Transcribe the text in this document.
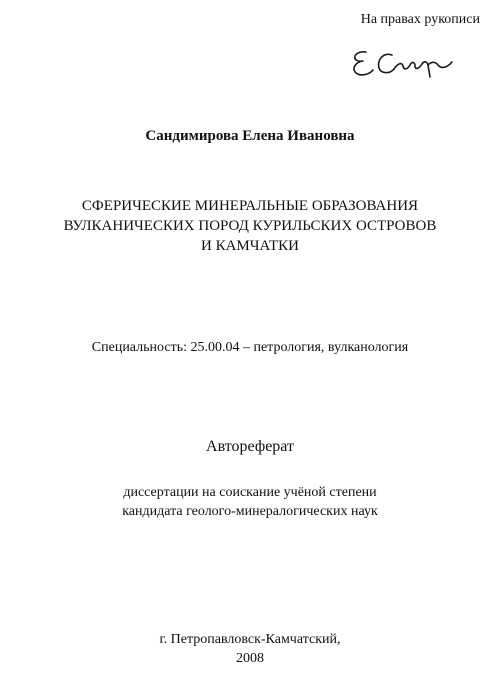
На правах рукописи
Сандимирова Елена Ивановна
СФЕРИЧЕСКИЕ МИНЕРАЛЬНЫЕ ОБРАЗОВАНИЯ
ВУЛКАНИЧЕСКИХ ПОРОД КУРИЛЬСКИХ ОСТРОВОВ
И КАМЧАТКИ
Специальность: 25.00.04 – петрология, вулканология
Автореферат
диссертации на соискание учёной степени
кандидата геолого-минералогических наук
г. Петропавловск-Камчатский,
2008
